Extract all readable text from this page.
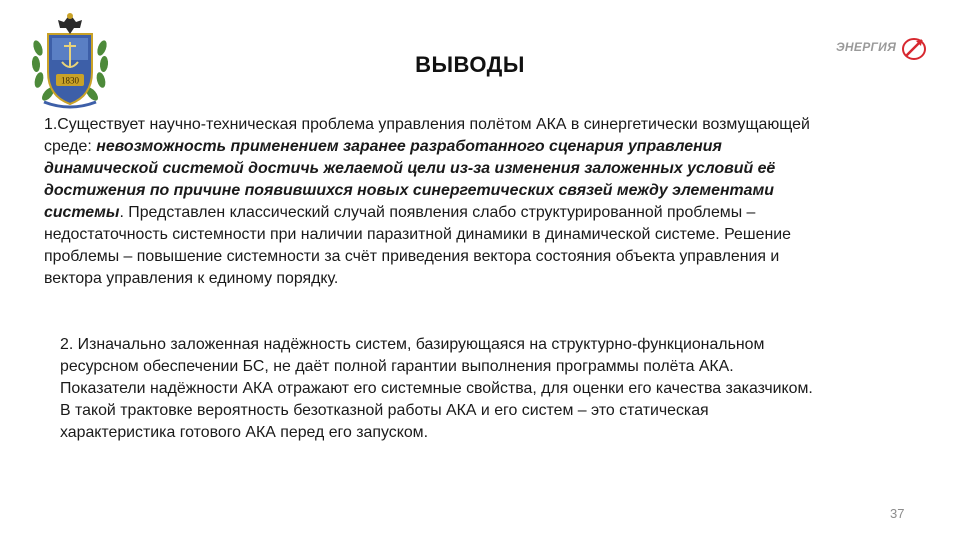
1830
ВЫВОДЫ
ЭНЕРГИЯ
1.Существует научно-техническая проблема управления полётом АКА в синергетически возмущающей среде: невозможность применением заранее разработанного сценария управления динамической системой достичь желаемой цели из-за изменения заложенных условий её достижения по причине появившихся новых синергетических связей между элементами системы. Представлен классический случай появления слабо структурированной проблемы – недостаточность системности при наличии паразитной динамики в динамической системе. Решение проблемы – повышение системности за счёт приведения вектора состояния объекта управления и вектора управления к единому порядку.
2. Изначально заложенная надёжность систем, базирующаяся на структурно-функциональном ресурсном обеспечении БС, не даёт полной гарантии выполнения программы полёта АКА. Показатели надёжности АКА отражают его системные свойства, для оценки его качества заказчиком. В такой трактовке вероятность безотказной работы АКА и его систем – это статическая характеристика готового АКА перед его запуском.
37
